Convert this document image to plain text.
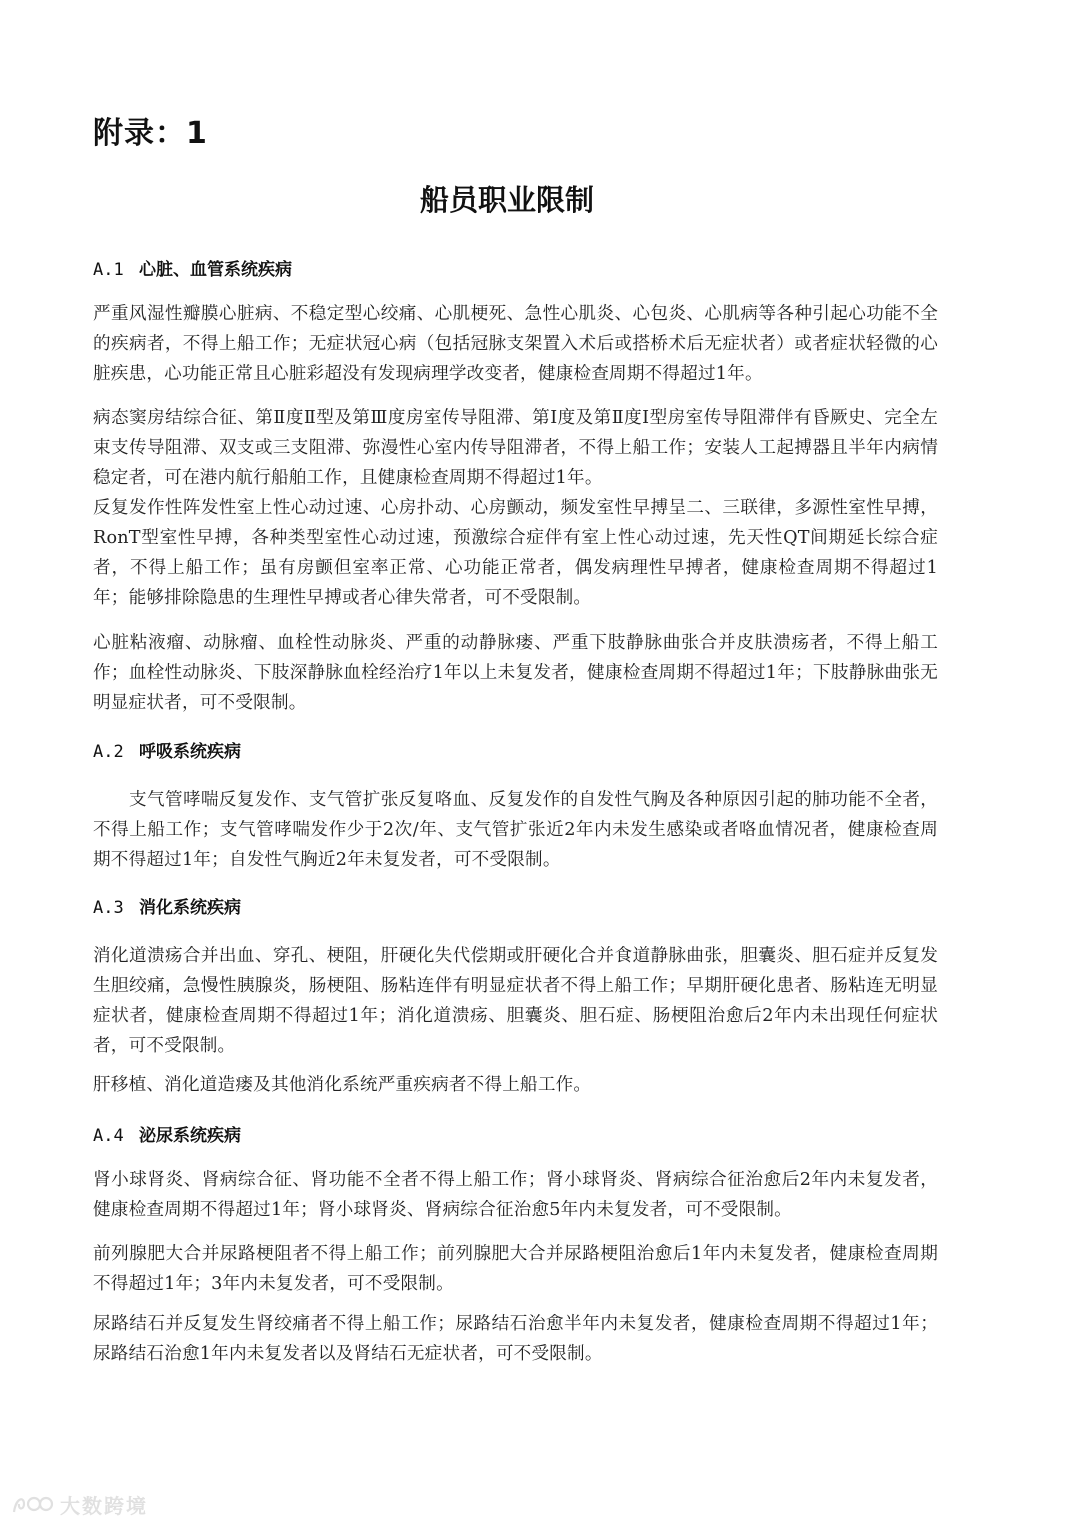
附录：1
船员职业限制
A.1 心脏、血管系统疾病

严重风湿性瓣膜心脏病、不稳定型心绞痛、心肌梗死、急性心肌炎、心包炎、心肌病等各种引起心功能不全的疾病者，不得上船工作；无症状冠心病（包括冠脉支架置入术后或搭桥术后无症状者）或者症状轻微的心脏疾患，心功能正常且心脏彩超没有发现病理学改变者，健康检查周期不得超过1年。

病态窦房结综合征、第Ⅱ度Ⅱ型及第Ⅲ度房室传导阻滞、第Ⅰ度及第Ⅱ度Ⅰ型房室传导阻滞伴有昏厥史、完全左束支传导阻滞、双支或三支阻滞、弥漫性心室内传导阻滞者，不得上船工作；安装人工起搏器且半年内病情稳定者，可在港内航行船舶工作，且健康检查周期不得超过1年。

反复发作性阵发性室上性心动过速、心房扑动、心房颤动，频发室性早搏呈二、三联律，多源性室性早搏，RonT型室性早搏，各种类型室性心动过速，预激综合症伴有室上性心动过速，先天性QT间期延长综合症者，不得上船工作；虽有房颤但室率正常、心功能正常者，偶发病理性早搏者，健康检查周期不得超过1年；能够排除隐患的生理性早搏或者心律失常者，可不受限制。

心脏粘液瘤、动脉瘤、血栓性动脉炎、严重的动静脉瘘、严重下肢静脉曲张合并皮肤溃疡者，不得上船工作；血栓性动脉炎、下肢深静脉血栓经治疗1年以上未复发者，健康检查周期不得超过1年；下肢静脉曲张无明显症状者，可不受限制。

A.2 呼吸系统疾病

支气管哮喘反复发作、支气管扩张反复咯血、反复发作的自发性气胸及各种原因引起的肺功能不全者，不得上船工作；支气管哮喘发作少于2次/年、支气管扩张近2年内未发生感染或者咯血情况者，健康检查周期不得超过1年；自发性气胸近2年未复发者，可不受限制。

A.3 消化系统疾病

消化道溃疡合并出血、穿孔、梗阻，肝硬化失代偿期或肝硬化合并食道静脉曲张，胆囊炎、胆石症并反复发生胆绞痛，急慢性胰腺炎，肠梗阻、肠粘连伴有明显症状者不得上船工作；早期肝硬化患者、肠粘连无明显症状者，健康检查周期不得超过1年；消化道溃疡、胆囊炎、胆石症、肠梗阻治愈后2年内未出现任何症状者，可不受限制。

肝移植、消化道造瘘及其他消化系统严重疾病者不得上船工作。

A.4 泌尿系统疾病

肾小球肾炎、肾病综合征、肾功能不全者不得上船工作；肾小球肾炎、肾病综合征治愈后2年内未复发者，健康检查周期不得超过1年；肾小球肾炎、肾病综合征治愈5年内未复发者，可不受限制。

前列腺肥大合并尿路梗阻者不得上船工作；前列腺肥大合并尿路梗阻治愈后1年内未复发者，健康检查周期不得超过1年；3年内未复发者，可不受限制。

尿路结石并反复发生肾绞痛者不得上船工作；尿路结石治愈半年内未复发者，健康检查周期不得超过1年；尿路结石治愈1年内未复发者以及肾结石无症状者，可不受限制。

大数跨境
